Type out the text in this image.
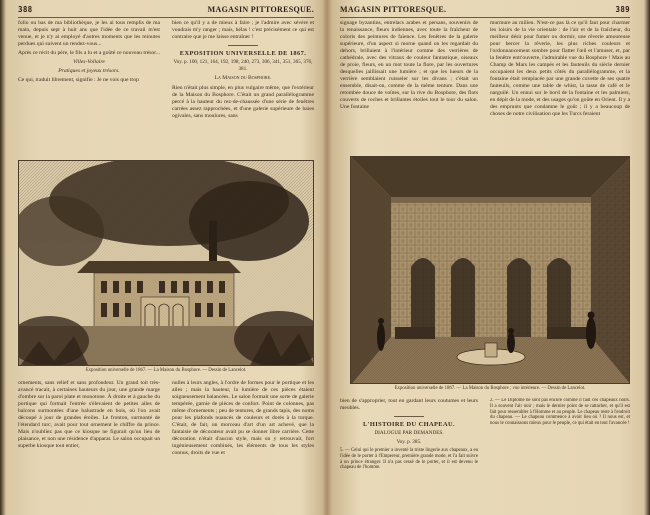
388	MAGASIN PITTORESQUE.

folio ou bas de ma bibliothèque, je les ai tous remplis de ma main, depuis sept à huit ans que l'idée de ce travail m'est venue, et je n'y ai employé d'autres moments que les minutes perdues qui suivent un rendez-vous...

Après ce récit du père, le fils a lu et a goûté ce nouveau trésor...

Villes-Vollaire

Pratiques et joyeux trésors.

Ce qui, traduit librement, signifie : Je ne vois que trop

bien ce qu'il y a de mieux à faire ; je l'admire avec sévère et voudrais m'y ranger ; mais, hélas ! c'est précisément ce qui est contraire que je me laisse entraîner !

EXPOSITION UNIVERSELLE DE 1867.
Voy. p. 100, 121, 164, 192, 198, 240, 273, 306, 341, 351, 365, 376, 381.
La Maison du Bosphore.

Rien n'était plus simple, en plus vulgaire même, que l'extérieur de la Maison du Bosphore. C'était un grand parallélogramme percé à la hauteur du rez-de-chaussée d'une série de fenêtres carrées assez rapprochées, et d'une galerie supérieure de baies ogivales, sans moulures, sans

Exposition universelle de 1867. — La Maison du Bosphore. — Dessin de Lancelot.

ornements, sans relief et sans profondeur. Un grand toit très-avancé tracait, à certaines hauteurs du jour, une grande marge d'ombre sur la paroi plate et monotone. À droite et à gauche du portique qui formait l'entrée s'élevaient de petites ailes de balcons surmontées d'une balustrade en bois, où l'on avait découpé à jour de grandes étoiles. Le fronton, surmonté de l'étendard turc, avait pour tout ornement le chiffre du prince. Mais n'oubliez pas que ce kiosque ne figurait qu'un lieu de plaisance, et non une résidence d'apparat. Le salon occupait un superbe kiosque tout entier,

nulles à leurs angles, à l'ordre de formes pour le portique et les ailes ; mais la hauteur, la lumière de ces pièces étaient soigneusement balancées. Le salon formait une sorte de galerie tempérée, garnie de pièces de confort. Point de colonnes, pas même d'ornements ; peu de tentures, de grands tapis, des noms pour les plafonds nuancés de couleurs et dorés à la turque. C'était, de fait, un morceau d'art d'un art achevé, que la fantaisie de décorateur avait pu se donner libre carrière. Cette décoration n'était d'aucun style, mais on y retrouvait, fort ingénieusement combinés, les éléments de tous les styles connus, droits de vue et

MAGASIN PITTORESQUE.	389

signage byzantins, entrelacs arabes et persans, souvenirs de la renaissance, fleurs indiennes, avec toute la fraîcheur de coloris des peintures de faïence. Les fenêtres de la galerie supérieure, d'un aspect si morne quand on les regardait du dehors, brillaient à l'intérieur comme des verrières de cathédrale, avec des vitraux de couleur fantastique, oiseaux de proie, fleurs, en un mot toute la flore, par les ouvertures desquelles jaillissait une lumière ; et que les lueurs de la verrière semblaient ruisseler sur les divans ; c'était un ensemble, disait-on, comme de la même tenture. Dans une retombée douce de voûtes, sur la rive du Bosphore, des flots couverts de roches et brillantes étoiles tout le tour du salon. Une fontaine

murmure au milieu. N'est-ce pas là ce qu'il faut pour charmer les loisirs de la vie orientale : de l'air et de la fraîcheur, du meilleur désir pour fumer ou dormir, une rêverie amoureuse pour bercer la rêverie, les plus riches couleurs et l'ordonnancement sombre pour flatter l'œil et l'amuser, et, par la fenêtre entr'ouverte, l'admirable vue du Bosphore ! Mais au Champ de Mars les campés et les fauteuils du siècle dernier occupaient les deux petits côtés du parallélogramme, et la fontaine était remplacée par une grande cuvette de ses quatre fauteuils, comme une table de whist, la tasse de café et le narguilé. Un ennui sur le bord de la fontaine et les palmiers, en dépit de la mode, et des usages qu'on goûte en Orient. Il y a des emprunts que condamne le goût ; il y a beaucoup de choses de notre civilisation que les Turcs feraient

Exposition universelle de 1867. — La Maison du Bosphore ; vue intérieure. — Dessin de Lancelot.

bien de s'approprier, tout en gardant leurs coutumes et leurs meubles.

L'HISTOIRE DU CHAPEAU.
DIALOGUE PAR DEMANDES.
Voy. p. 385.

5. — Celui qui le premier a inventé la triste lingerie aux chapeaux, a eu l'idée de le porter à l'Empereur, première grande mode, et l'a fait suivre à un prince étranger. Il n'a pas cessé de le porter, et il est devenu le chapeau de l'homme.

2. — Le Diplôme ne sont pas encore comme il faut ces chapeaux noirs. Il a souvent l'air noir ; mais le dernier point de se rattacher, et qu'il est fait pour ressembler à l'Homme et au peuple. Le chapeau reste à l'endroit du chapeau. — Le chapeau commence à avoir lieu où ? Il nous est, et nous le connaissons mieux pour le peuple, ce qui était en tout l'avancée !
